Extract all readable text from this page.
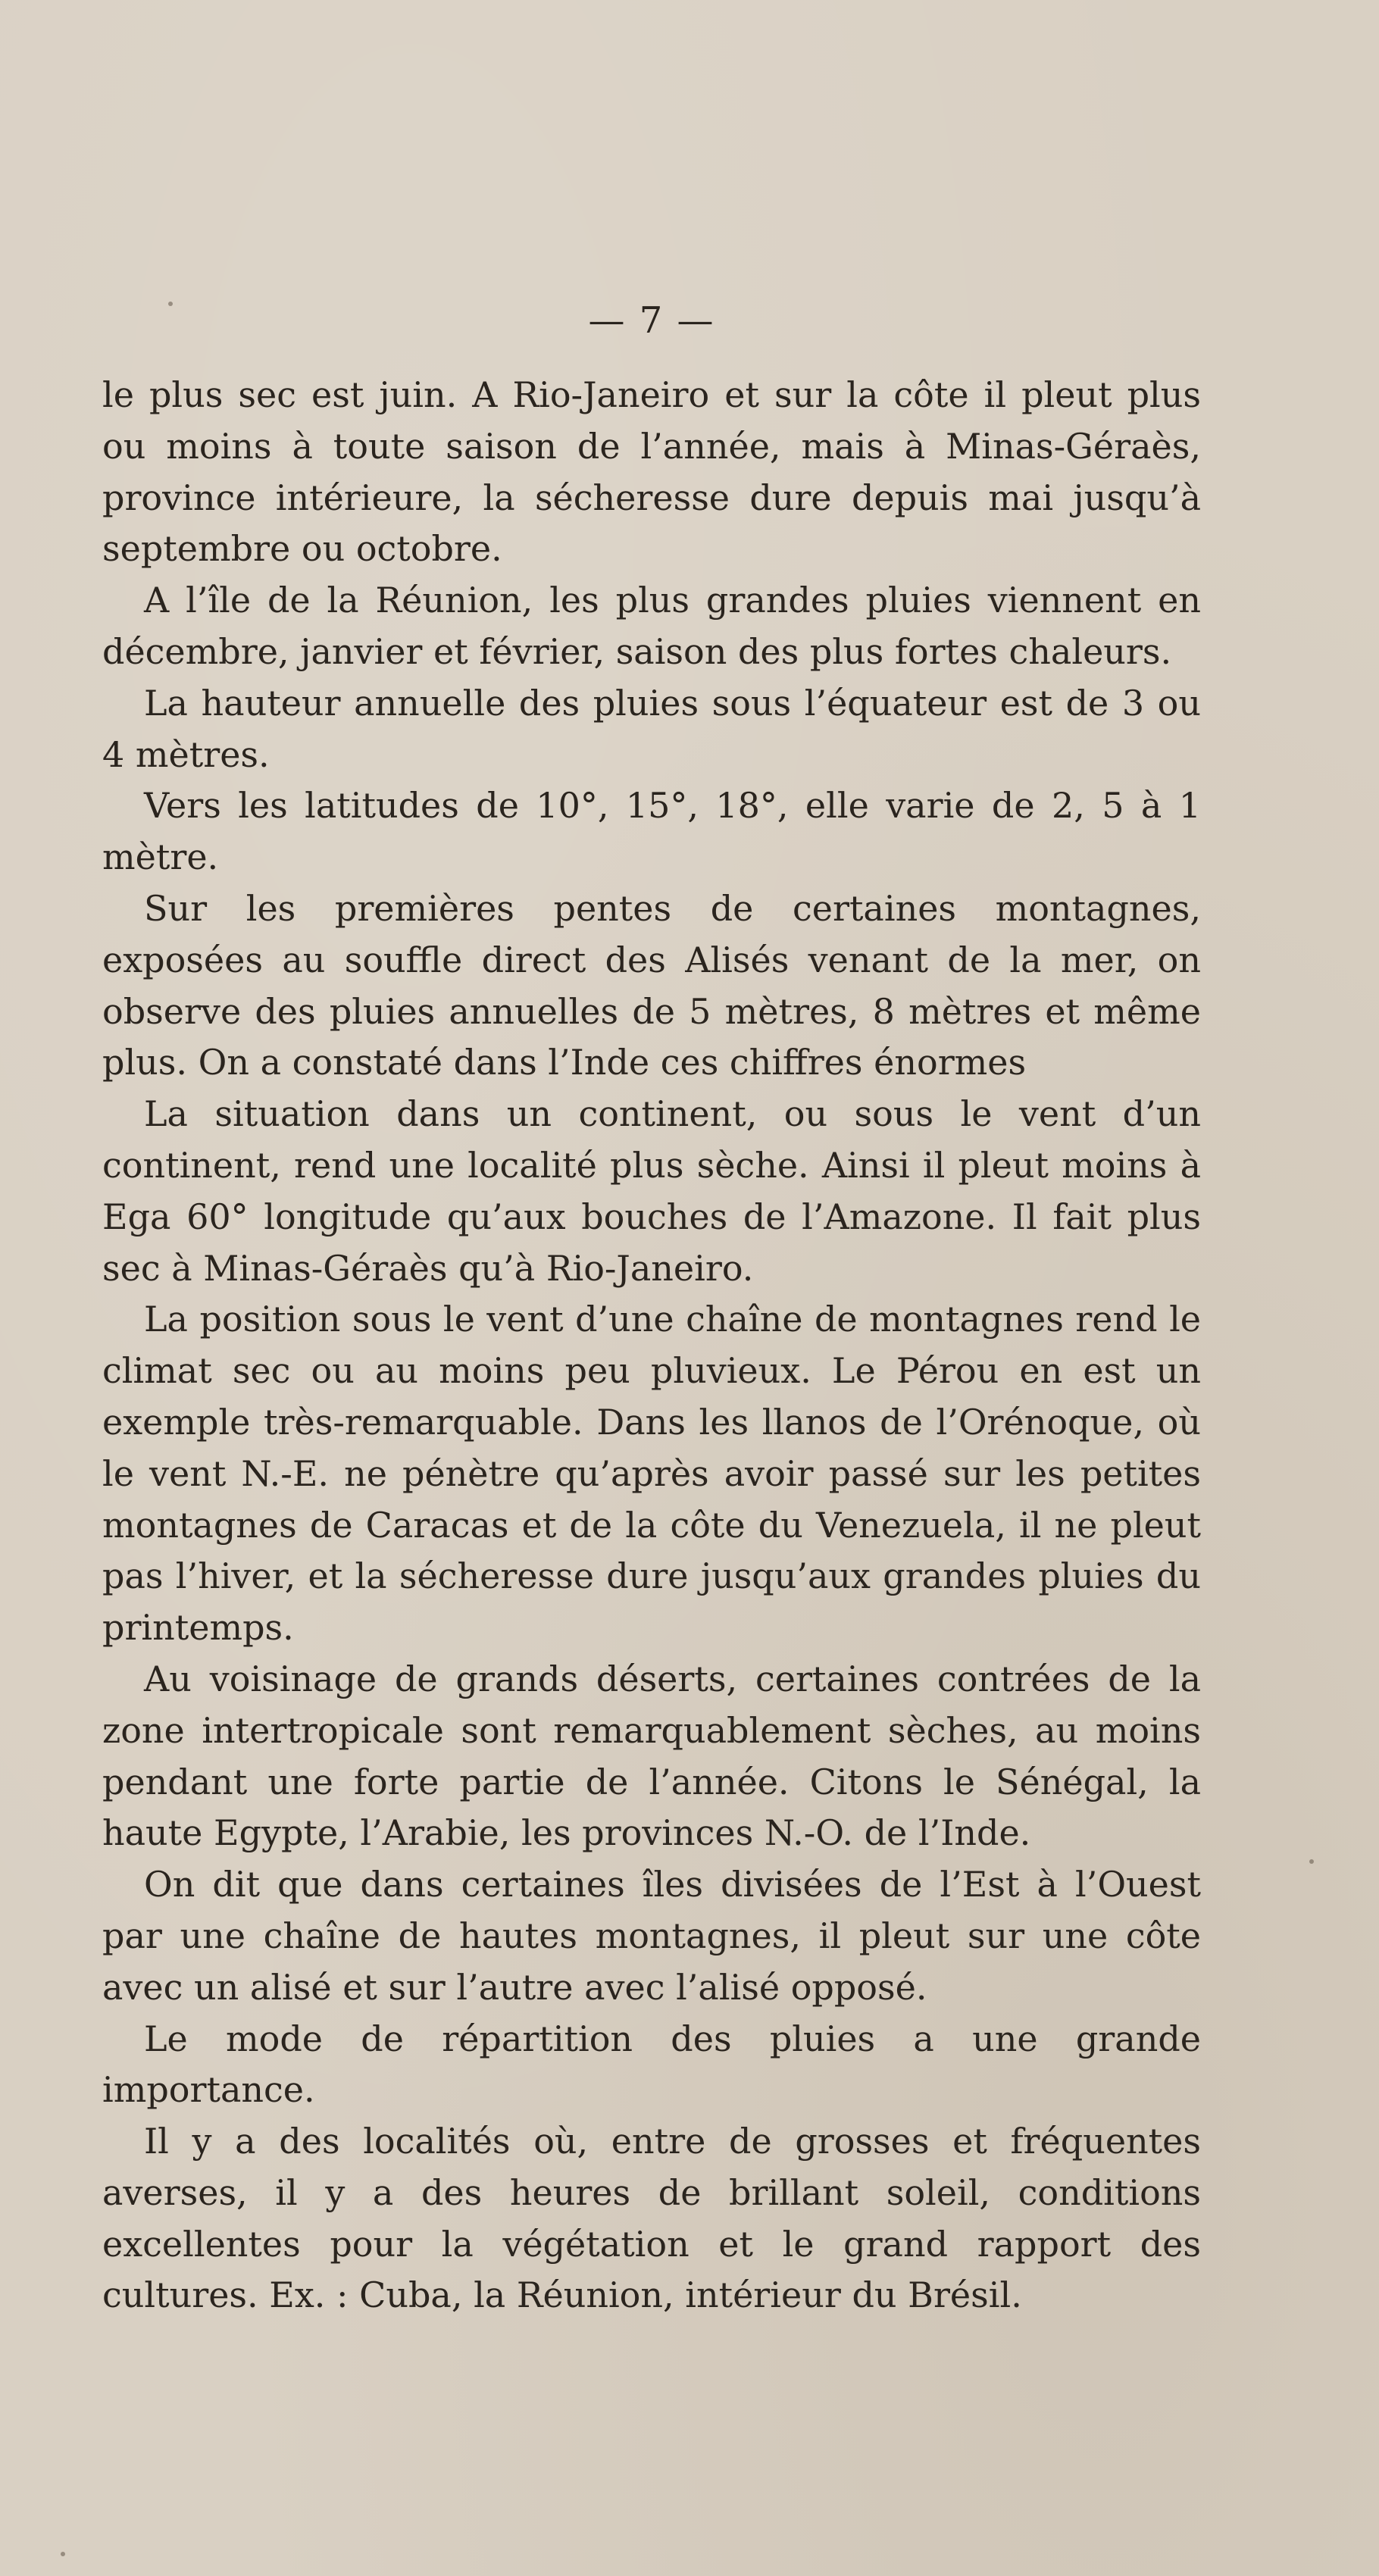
— 7 —

le plus sec est juin. A Rio-Janeiro et sur la côte il pleut plus ou moins à toute saison de l’année, mais à Minas-Géraès, province intérieure, la sécheresse dure depuis mai jusqu’à septembre ou octobre.

A l’île de la Réunion, les plus grandes pluies viennent en décembre, janvier et février, saison des plus fortes chaleurs.

La hauteur annuelle des pluies sous l’équateur est de 3 ou 4 mètres.

Vers les latitudes de 10°, 15°, 18°, elle varie de 2, 5 à 1 mètre.

Sur les premières pentes de certaines montagnes, exposées au souffle direct des Alisés venant de la mer, on observe des pluies annuelles de 5 mètres, 8 mètres et même plus. On a constaté dans l’Inde ces chiffres énormes

La situation dans un continent, ou sous le vent d’un continent, rend une localité plus sèche. Ainsi il pleut moins à Ega 60° longitude qu’aux bouches de l’Amazone. Il fait plus sec à Minas-Géraès qu’à Rio-Janeiro.

La position sous le vent d’une chaîne de montagnes rend le climat sec ou au moins peu pluvieux. Le Pérou en est un exemple très-remarquable. Dans les llanos de l’Orénoque, où le vent N.-E. ne pénètre qu’après avoir passé sur les petites montagnes de Caracas et de la côte du Venezuela, il ne pleut pas l’hiver, et la sécheresse dure jusqu’aux grandes pluies du printemps.

Au voisinage de grands déserts, certaines contrées de la zone intertropicale sont remarquablement sèches, au moins pendant une forte partie de l’année. Citons le Sénégal, la haute Egypte, l’Arabie, les provinces N.-O. de l’Inde.

On dit que dans certaines îles divisées de l’Est à l’Ouest par une chaîne de hautes montagnes, il pleut sur une côte avec un alisé et sur l’autre avec l’alisé opposé.

Le mode de répartition des pluies a une grande importance.

Il y a des localités où, entre de grosses et fréquentes averses, il y a des heures de brillant soleil, conditions excellentes pour la végétation et le grand rapport des cultures. Ex. : Cuba, la Réunion, intérieur du Brésil.
